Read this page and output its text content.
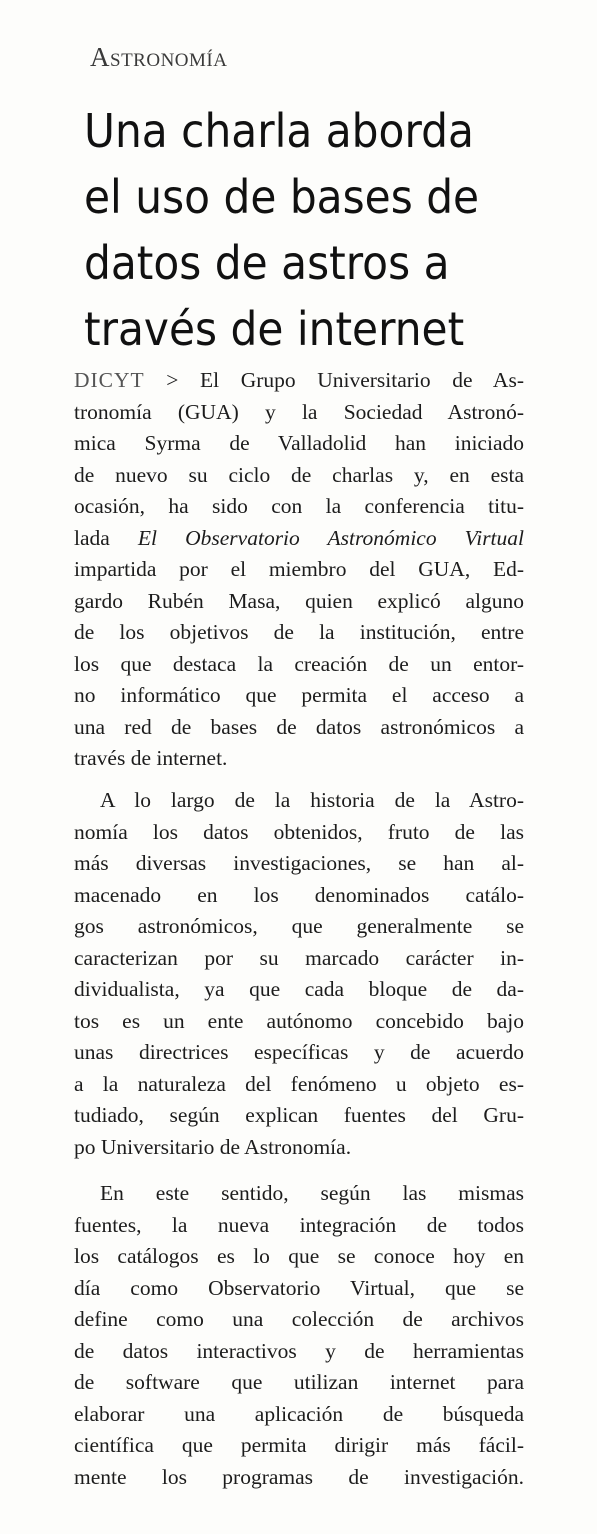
Astronomía
Una charla aborda
el uso de bases de
datos de astros a
través de internet
DICYT > El Grupo Universitario de As-
tronomía (GUA) y la Sociedad Astronó-
mica Syrma de Valladolid han iniciado
de nuevo su ciclo de charlas y, en esta
ocasión, ha sido con la conferencia titu-
lada El Observatorio Astronómico Virtual
impartida por el miembro del GUA, Ed-
gardo Rubén Masa, quien explicó alguno
de los objetivos de la institución, entre
los que destaca la creación de un entor-
no informático que permita el acceso a
una red de bases de datos astronómicos a
través de internet.
A lo largo de la historia de la Astro-
nomía los datos obtenidos, fruto de las
más diversas investigaciones, se han al-
macenado en los denominados catálo-
gos astronómicos, que generalmente se
caracterizan por su marcado carácter in-
dividualista, ya que cada bloque de da-
tos es un ente autónomo concebido bajo
unas directrices específicas y de acuerdo
a la naturaleza del fenómeno u objeto es-
tudiado, según explican fuentes del Gru-
po Universitario de Astronomía.
En este sentido, según las mismas
fuentes, la nueva integración de todos
los catálogos es lo que se conoce hoy en
día como Observatorio Virtual, que se
define como una colección de archivos
de datos interactivos y de herramientas
de software que utilizan internet para
elaborar una aplicación de búsqueda
científica que permita dirigir más fácil-
mente los programas de investigación.
